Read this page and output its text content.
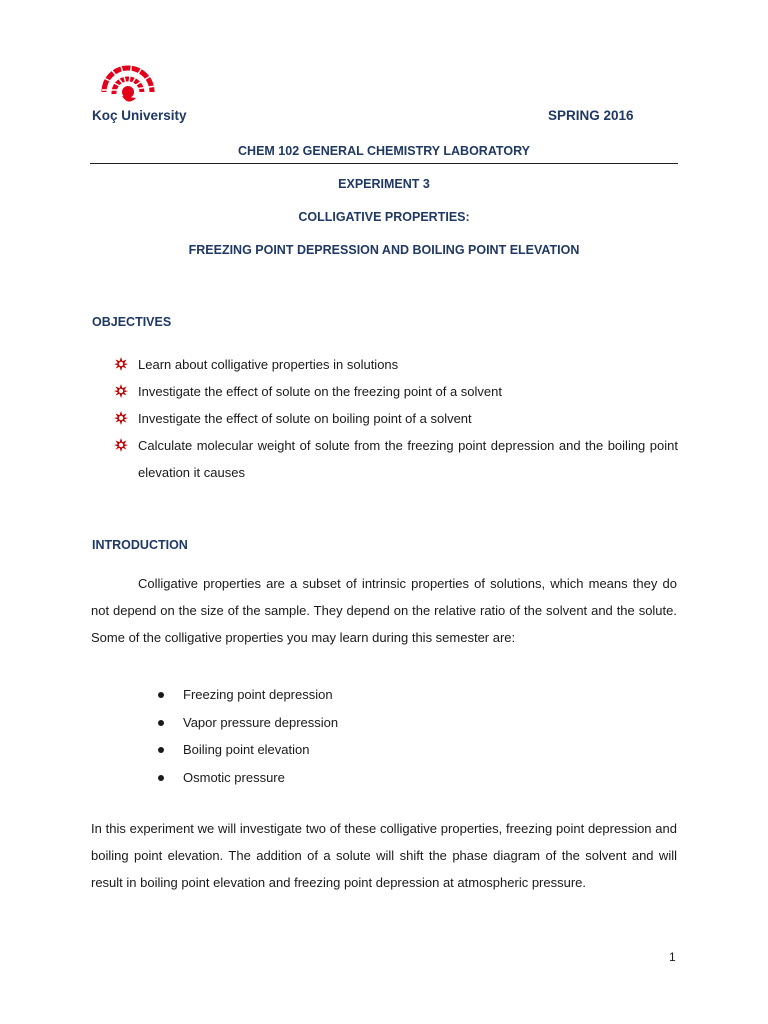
Koç University	SPRING 2016
CHEM 102 GENERAL CHEMISTRY LABORATORY
EXPERIMENT 3
COLLIGATIVE PROPERTIES:
FREEZING POINT DEPRESSION AND BOILING POINT ELEVATION
OBJECTIVES
Learn about colligative properties in solutions
Investigate the effect of solute on the freezing point of a solvent
Investigate the effect of solute on boiling point of a solvent
Calculate molecular weight of solute from the freezing point depression and the boiling point elevation it causes
INTRODUCTION
Colligative properties are a subset of intrinsic properties of solutions, which means they do not depend on the size of the sample. They depend on the relative ratio of the solvent and the solute. Some of the colligative properties you may learn during this semester are:
Freezing point depression
Vapor pressure depression
Boiling point elevation
Osmotic pressure
In this experiment we will investigate two of these colligative properties, freezing point depression and boiling point elevation. The addition of a solute will shift the phase diagram of the solvent and will result in boiling point elevation and freezing point depression at atmospheric pressure.
1
